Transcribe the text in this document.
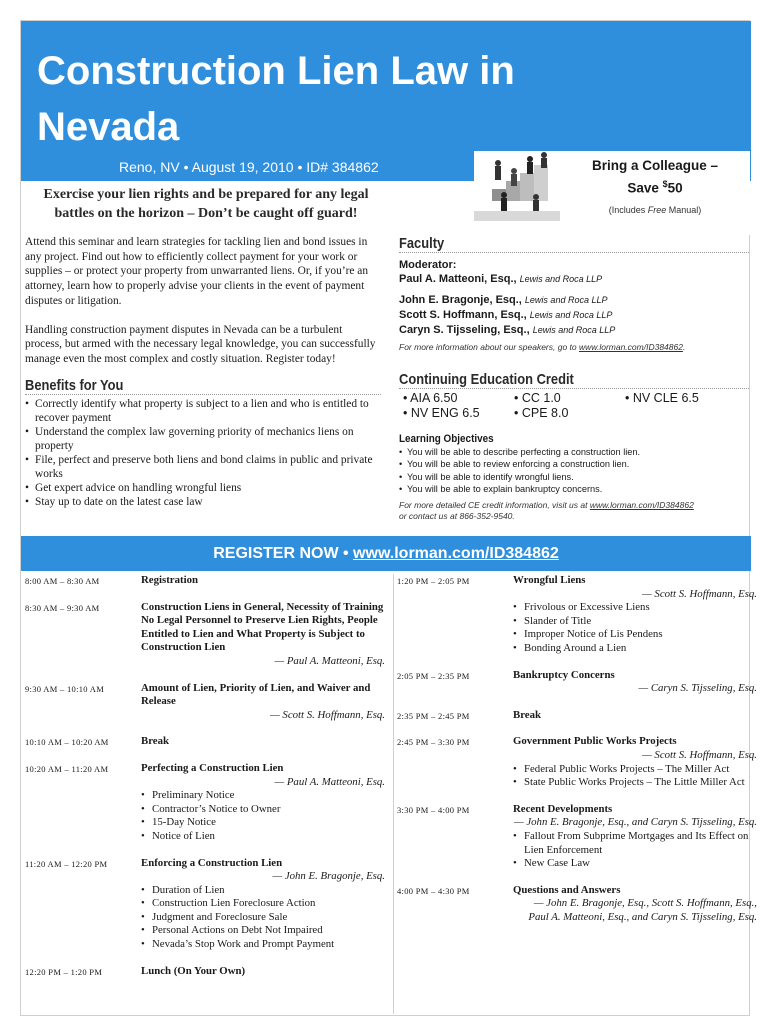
Construction Lien Law in
Nevada
Reno, NV • August 19, 2010 • ID# 384862	Bring a Colleague –
Save $50
(Includes Free Manual)
Exercise your lien rights and be prepared for any legal
battles on the horizon – Don’t be caught off guard!

Attend this seminar and learn strategies for tackling lien and bond issues in any project. Find out how to efficiently collect payment for your work or supplies – or protect your property from unwarranted liens. Or, if you’re an attorney, learn how to properly advise your clients in the event of payment disputes or litigation.

Handling construction payment disputes in Nevada can be a turbulent process, but armed with the necessary legal knowledge, you can successfully manage even the most complex and costly situation. Register today!

Benefits for You
• Correctly identify what property is subject to a lien and who is entitled to recover payment
• Understand the complex law governing priority of mechanics liens on property
• File, perfect and preserve both liens and bond claims in public and private works
• Get expert advice on handling wrongful liens
• Stay up to date on the latest case law
Faculty
Moderator:
Paul A. Matteoni, Esq., Lewis and Roca LLP
John E. Bragonje, Esq., Lewis and Roca LLP
Scott S. Hoffmann, Esq., Lewis and Roca LLP
Caryn S. Tijsseling, Esq., Lewis and Roca LLP
For more information about our speakers, go to www.lorman.com/ID384862.
Continuing Education Credit
• AIA 6.50	• CC 1.0	• NV CLE 6.5
• NV ENG 6.5	• CPE 8.0
Learning Objectives
• You will be able to describe perfecting a construction lien.
• You will be able to review enforcing a construction lien.
• You will be able to identify wrongful liens.
• You will be able to explain bankruptcy concerns.
For more detailed CE credit information, visit us at www.lorman.com/ID384862
or contact us at 866-352-9540.
REGISTER NOW • www.lorman.com/ID384862
8:00 AM – 8:30 AM	Registration
8:30 AM – 9:30 AM	Construction Liens in General, Necessity of Training No Legal Personnel to Preserve Lien Rights, People Entitled to Lien and What Property is Subject to Construction Lien
— Paul A. Matteoni, Esq.
9:30 AM – 10:10 AM	Amount of Lien, Priority of Lien, and Waiver and Release
— Scott S. Hoffmann, Esq.
10:10 AM – 10:20 AM	Break
10:20 AM – 11:20 AM	Perfecting a Construction Lien
— Paul A. Matteoni, Esq.
• Preliminary Notice
• Contractor’s Notice to Owner
• 15-Day Notice
• Notice of Lien
11:20 AM – 12:20 PM	Enforcing a Construction Lien
— John E. Bragonje, Esq.
• Duration of Lien
• Construction Lien Foreclosure Action
• Judgment and Foreclosure Sale
• Personal Actions on Debt Not Impaired
• Nevada’s Stop Work and Prompt Payment
12:20 PM – 1:20 PM	Lunch (On Your Own)
1:20 PM – 2:05 PM	Wrongful Liens
— Scott S. Hoffmann, Esq.
• Frivolous or Excessive Liens
• Slander of Title
• Improper Notice of Lis Pendens
• Bonding Around a Lien
2:05 PM – 2:35 PM	Bankruptcy Concerns
— Caryn S. Tijsseling, Esq.
2:35 PM – 2:45 PM	Break
2:45 PM – 3:30 PM	Government Public Works Projects
— Scott S. Hoffmann, Esq.
• Federal Public Works Projects – The Miller Act
• State Public Works Projects – The Little Miller Act
3:30 PM – 4:00 PM	Recent Developments
— John E. Bragonje, Esq., and Caryn S. Tijsseling, Esq.
• Fallout From Subprime Mortgages and Its Effect on Lien Enforcement
• New Case Law
4:00 PM – 4:30 PM	Questions and Answers
— John E. Bragonje, Esq., Scott S. Hoffmann, Esq., Paul A. Matteoni, Esq., and Caryn S. Tijsseling, Esq.
